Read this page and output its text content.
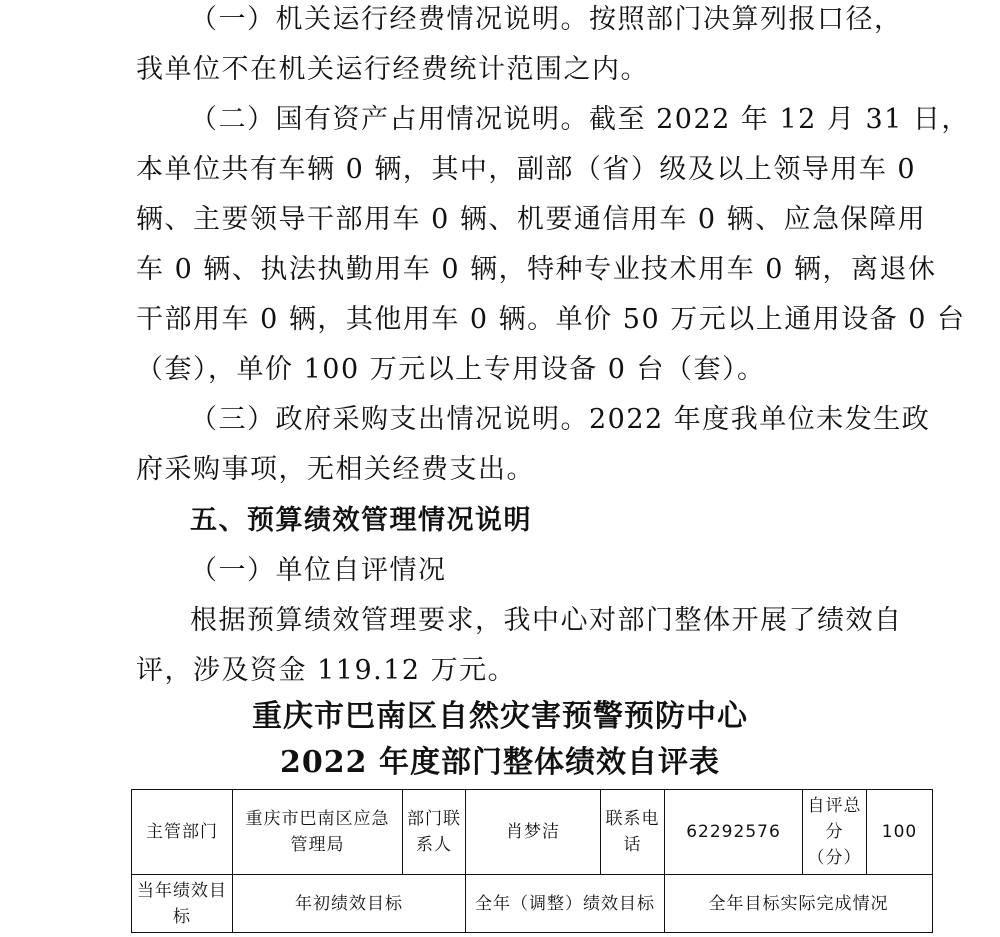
（一）机关运行经费情况说明。按照部门决算列报口径，
我单位不在机关运行经费统计范围之内。
（二）国有资产占用情况说明。截至 2022 年 12 月 31 日，
本单位共有车辆 0 辆，其中，副部（省）级及以上领导用车 0
辆、主要领导干部用车 0 辆、机要通信用车 0 辆、应急保障用
车 0 辆、执法执勤用车 0 辆，特种专业技术用车 0 辆，离退休
干部用车 0 辆，其他用车 0 辆。单价 50 万元以上通用设备 0 台
（套），单价 100 万元以上专用设备 0 台（套）。
（三）政府采购支出情况说明。2022 年度我单位未发生政
府采购事项，无相关经费支出。
五、预算绩效管理情况说明
（一）单位自评情况
根据预算绩效管理要求，我中心对部门整体开展了绩效自
评，涉及资金 119.12 万元。
重庆市巴南区自然灾害预警预防中心
2022 年度部门整体绩效自评表
主管部门	重庆市巴南区应急管理局	部门联系人	肖梦洁	联系电话	62292576	自评总分（分）	100
当年绩效目标	年初绩效目标		全年（调整）绩效目标		全年目标实际完成情况		
